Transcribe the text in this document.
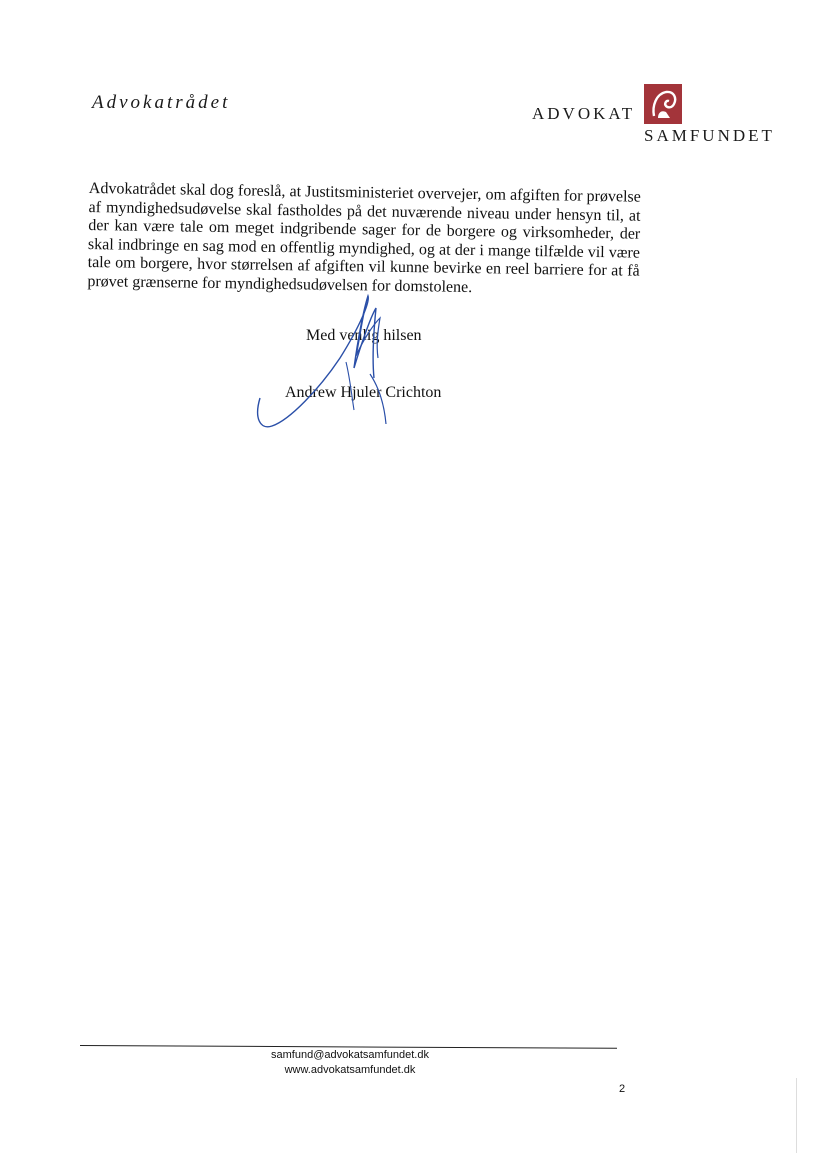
Advokatrådet
ADVOKAT
SAMFUNDET
Advokatrådet skal dog foreslå, at Justitsministeriet overvejer, om afgiften for prøvelse af myndighedsudøvelse skal fastholdes på det nuværende niveau under hensyn til, at der kan være tale om meget indgribende sager for de borgere og virksomheder, der skal indbringe en sag mod en offentlig myndighed, og at der i mange tilfælde vil være tale om borgere, hvor størrelsen af afgiften vil kunne bevirke en reel barriere for at få prøvet grænserne for myndighedsudøvelsen for domstolene.
Med venlig hilsen
Andrew Hjuler Crichton
samfund@advokatsamfundet.dk
www.advokatsamfundet.dk
2
